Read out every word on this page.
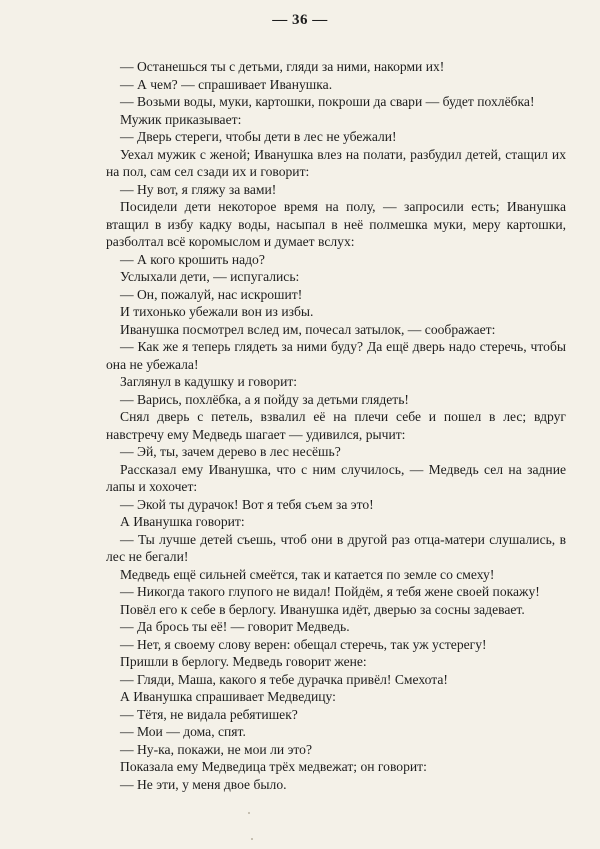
— 36 —

— Останешься ты с детьми, гляди за ними, накорми их!

— А чем? — спрашивает Иванушка.

— Возьми воды, муки, картошки, покроши да свари — будет похлёбка!

Мужик приказывает:

— Дверь стереги, чтобы дети в лес не убежали!

Уехал мужик с женой; Иванушка влез на полати, разбудил детей, стащил их на пол, сам сел сзади их и говорит:

— Ну вот, я гляжу за вами!

Посидели дети некоторое время на полу, — запросили есть; Иванушка втащил в избу кадку воды, насыпал в неё полмешка муки, меру картошки, разболтал всё коромыслом и думает вслух:

— А кого крошить надо?

Услыхали дети, — испугались:

— Он, пожалуй, нас искрошит!

И тихонько убежали вон из избы.

Иванушка посмотрел вслед им, почесал затылок, — соображает:

— Как же я теперь глядеть за ними буду? Да ещё дверь надо стеречь, чтобы она не убежала!

Заглянул в кадушку и говорит:

— Варись, похлёбка, а я пойду за детьми глядеть!

Снял дверь с петель, взвалил её на плечи себе и пошел в лес; вдруг навстречу ему Медведь шагает — удивился, рычит:

— Эй, ты, зачем дерево в лес несёшь?

Рассказал ему Иванушка, что с ним случилось, — Медведь сел на задние лапы и хохочет:

— Экой ты дурачок! Вот я тебя съем за это!

А Иванушка говорит:

— Ты лучше детей съешь, чтоб они в другой раз отца-матери слушались, в лес не бегали!

Медведь ещё сильней смеётся, так и катается по земле со смеху!

— Никогда такого глупого не видал! Пойдём, я тебя жене своей покажу!

Повёл его к себе в берлогу. Иванушка идёт, дверью за сосны задевает.

— Да брось ты её! — говорит Медведь.

— Нет, я своему слову верен: обещал стеречь, так уж устерегу!

Пришли в берлогу. Медведь говорит жене:

— Гляди, Маша, какого я тебе дурачка привёл! Смехота!

А Иванушка спрашивает Медведицу:

— Тётя, не видала ребятишек?

— Мои — дома, спят.

— Ну-ка, покажи, не мои ли это?

Показала ему Медведица трёх медвежат; он говорит:

— Не эти, у меня двое было.
